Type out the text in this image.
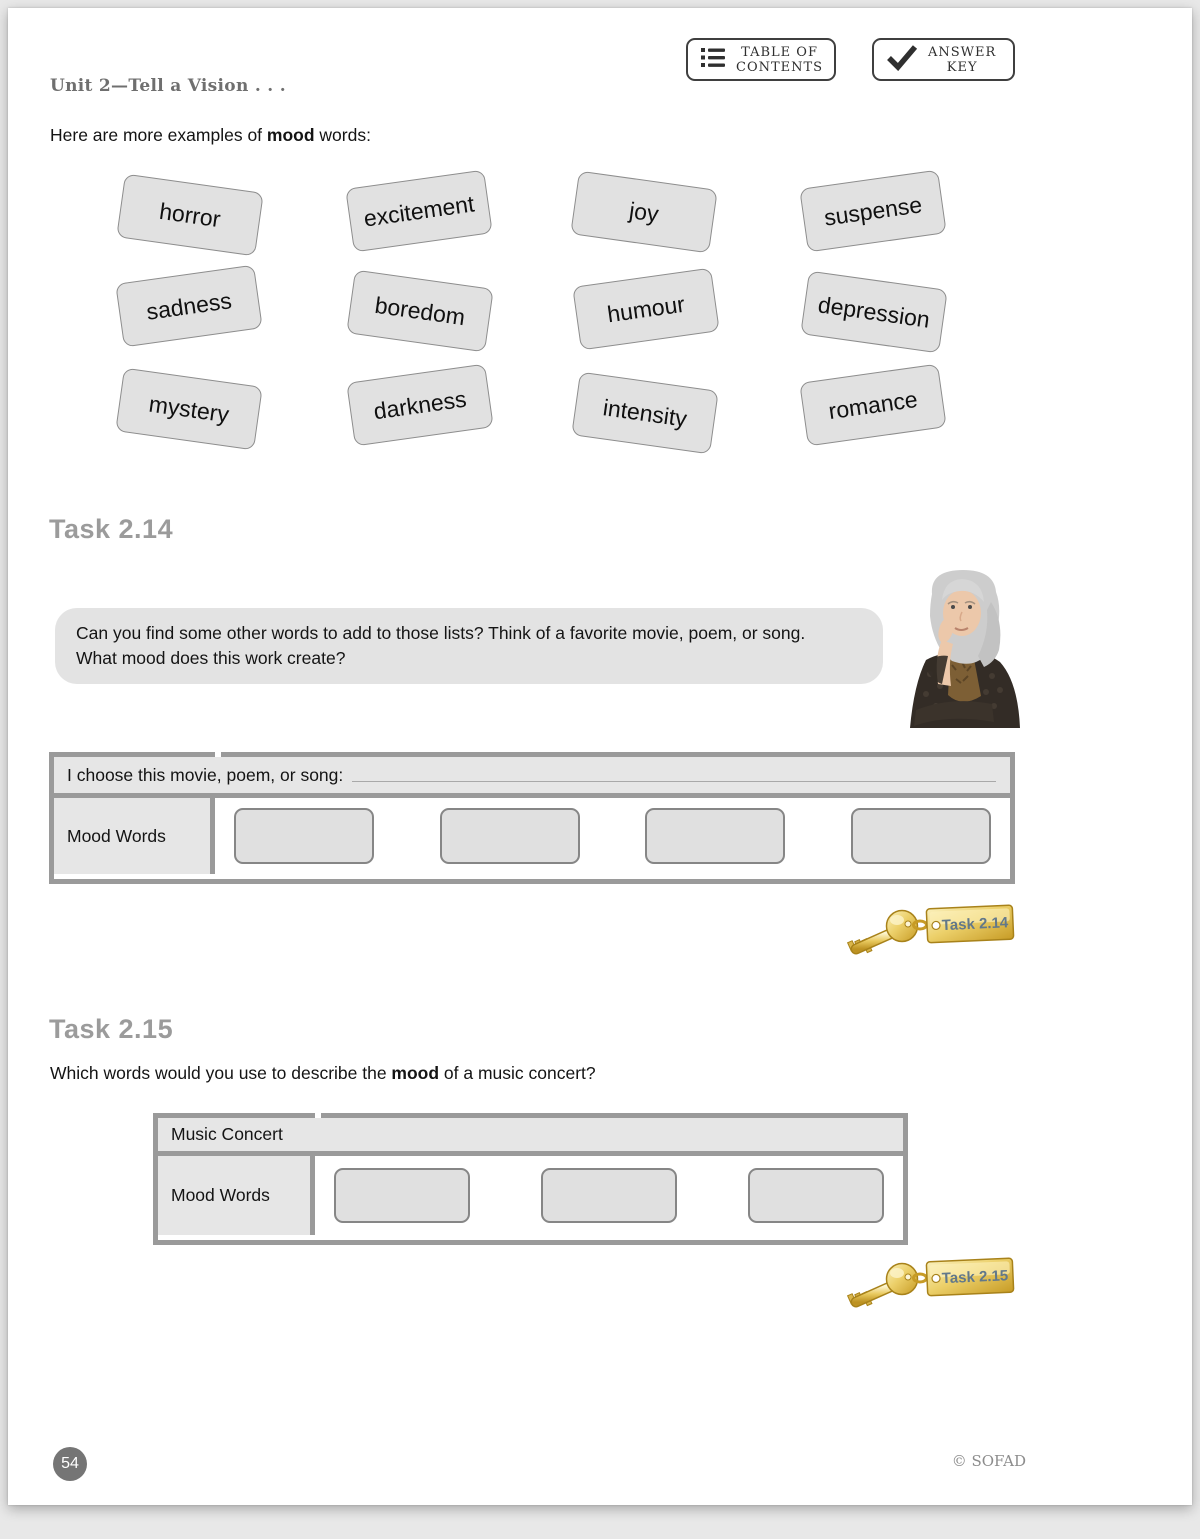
TABLE OF
CONTENTS
ANSWER
KEY
Unit 2—Tell a Vision . . .
Here are more examples of mood words:
horror	excitement	joy	suspense
sadness	boredom	humour	depression
mystery	darkness	intensity	romance
Task 2.14
Can you find some other words to add to those lists? Think of a favorite movie, poem, or song.
What mood does this work create?
I choose this movie, poem, or song:
Mood Words
Task 2.14
Task 2.15
Which words would you use to describe the mood of a music concert?
Music Concert
Mood Words
Task 2.15
54	© SOFAD
